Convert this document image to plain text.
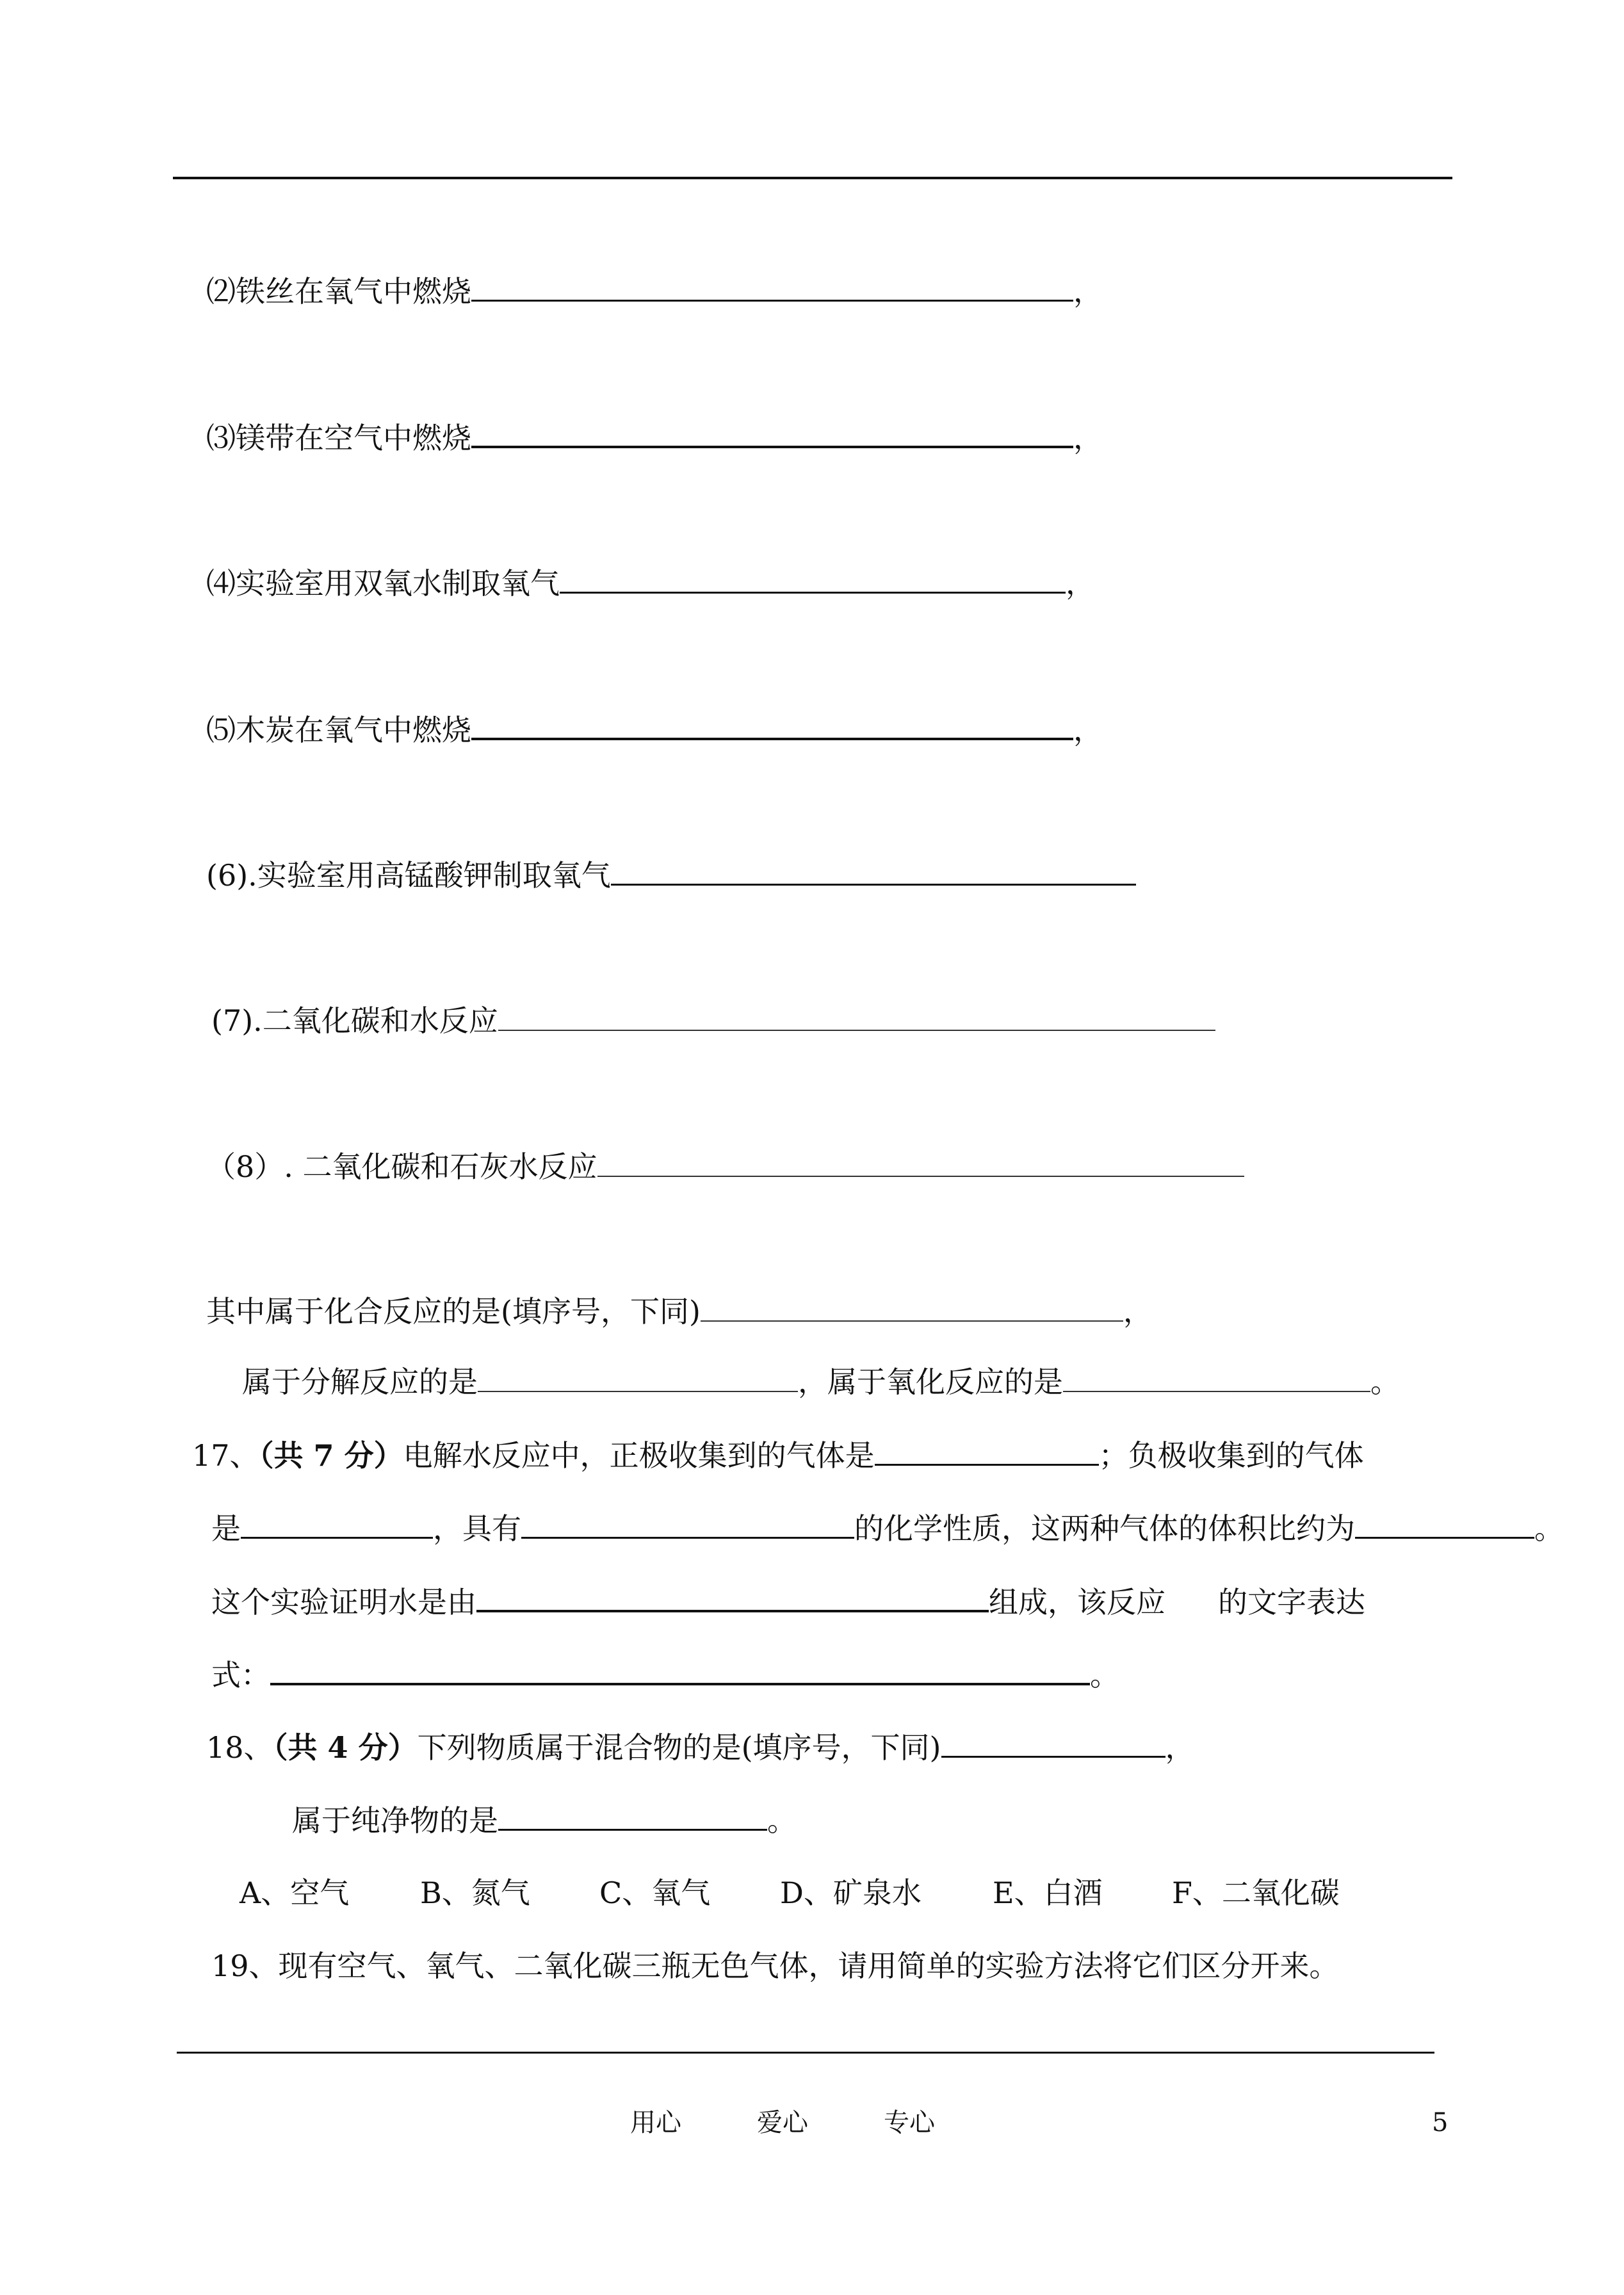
⑵铁丝在氧气中燃烧	，
⑶镁带在空气中燃烧	，
⑷实验室用双氧水制取氧气	，
⑸木炭在氧气中燃烧	，
(6).实验室用高锰酸钾制取氧气
(7).二氧化碳和水反应
（8）. 二氧化碳和石灰水反应
其中属于化合反应的是(填序号，下同)	，
属于分解反应的是	，属于氧化反应的是	。
17、（共 7 分）电解水反应中，正极收集到的气体是	；负极收集到的气体
是	，具有	的化学性质，这两种气体的体积比约为	。
这个实验证明水是由	组成，该反应 的文字表达
式：	。
18、（共 4 分）下列物质属于混合物的是(填序号，下同)	，
属于纯净物的是	。
A、空气 B、氮气 C、氧气 D、矿泉水 E、白酒 F、二氧化碳
19、现有空气、氧气、二氧化碳三瓶无色气体，请用简单的实验方法将它们区分开来。
用心	爱心	专心	5
